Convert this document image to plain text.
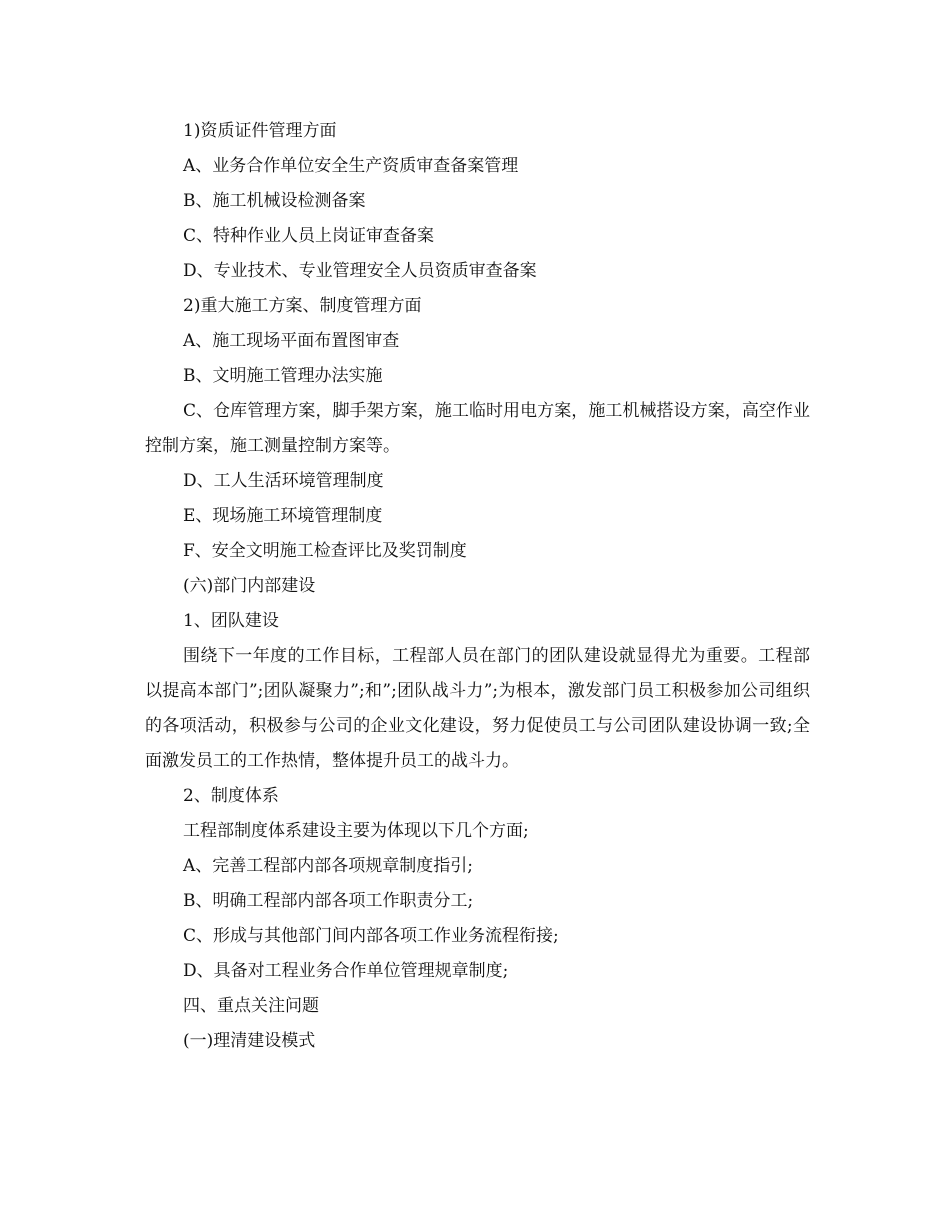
1)资质证件管理方面

A、业务合作单位安全生产资质审查备案管理

B、施工机械设检测备案

C、特种作业人员上岗证审查备案

D、专业技术、专业管理安全人员资质审查备案

2)重大施工方案、制度管理方面

A、施工现场平面布置图审查

B、文明施工管理办法实施

C、仓库管理方案，脚手架方案，施工临时用电方案，施工机械搭设方案，高空作业控制方案，施工测量控制方案等。

D、工人生活环境管理制度

E、现场施工环境管理制度

F、安全文明施工检查评比及奖罚制度

(六)部门内部建设

1、团队建设

围绕下一年度的工作目标，工程部人员在部门的团队建设就显得尤为重要。工程部以提高本部门”;团队凝聚力”;和”;团队战斗力”;为根本，激发部门员工积极参加公司组织的各项活动，积极参与公司的企业文化建设，努力促使员工与公司团队建设协调一致;全面激发员工的工作热情，整体提升员工的战斗力。

2、制度体系

工程部制度体系建设主要为体现以下几个方面;

A、完善工程部内部各项规章制度指引;

B、明确工程部内部各项工作职责分工;

C、形成与其他部门间内部各项工作业务流程衔接;

D、具备对工程业务合作单位管理规章制度;

四、重点关注问题

(一)理清建设模式
